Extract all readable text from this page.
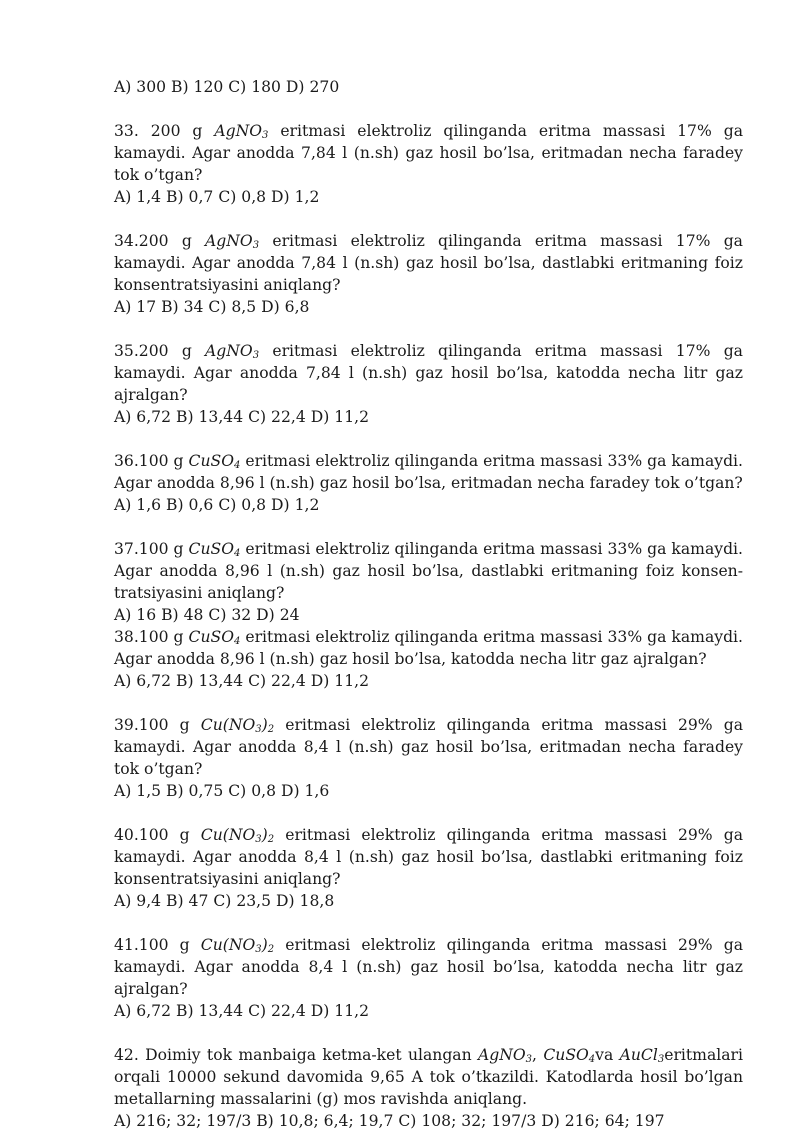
A) 300 B) 120 C) 180 D) 270
33. 200 g AgNO$_3$ eritmasi elektroliz qilinganda eritma massasi 17% ga kamaydi. Agar anodda 7,84 l (n.sh) gaz hosil bo’lsa, eritmadan necha faradey tok o’tgan?
A) 1,4 B) 0,7 C) 0,8 D) 1,2
34.200 g AgNO$_3$ eritmasi elektroliz qilinganda eritma massasi 17% ga kamaydi. Agar anodda 7,84 l (n.sh) gaz hosil bo’lsa, dastlabki eritmaning foiz konsentratsiyasini aniqlang?
A) 17 B) 34 C) 8,5 D) 6,8
35.200 g AgNO$_3$ eritmasi elektroliz qilinganda eritma massasi 17% ga kamaydi. Agar anodda 7,84 l (n.sh) gaz hosil bo’lsa, katodda necha litr gaz ajralgan?
A) 6,72 B) 13,44 C) 22,4 D) 11,2
36.100 g CuSO$_4$ eritmasi elektroliz qilinganda eritma massasi 33% ga kamaydi. Agar anodda 8,96 l (n.sh) gaz hosil bo’lsa, eritmadan necha faradey tok o’tgan?
A) 1,6 B) 0,6 C) 0,8 D) 1,2
37.100 g CuSO$_4$ eritmasi elektroliz qilinganda eritma massasi 33% ga kamaydi. Agar anodda 8,96 l (n.sh) gaz hosil bo’lsa, dastlabki eritmaning foiz konsentratsiyasini aniqlang?
A) 16 B) 48 C) 32 D) 24
38.100 g CuSO$_4$ eritmasi elektroliz qilinganda eritma massasi 33% ga kamaydi. Agar anodda 8,96 l (n.sh) gaz hosil bo’lsa, katodda necha litr gaz ajralgan?
A) 6,72 B) 13,44 C) 22,4 D) 11,2
39.100 g $Cu(NO_3)_2$ eritmasi elektroliz qilinganda eritma massasi 29% ga kamaydi. Agar anodda 8,4 l (n.sh) gaz hosil bo’lsa, eritmadan necha faradey tok o’tgan?
A) 1,5 B) 0,75 C) 0,8 D) 1,6
40.100 g $Cu(NO_3)_2$ eritmasi elektroliz qilinganda eritma massasi 29% ga kamaydi. Agar anodda 8,4 l (n.sh) gaz hosil bo’lsa, dastlabki eritmaning foiz konsentratsiyasini aniqlang?
A) 9,4 B) 47 C) 23,5 D) 18,8
41.100 g $Cu(NO_3)_2$ eritmasi elektroliz qilinganda eritma massasi 29% ga kamaydi. Agar anodda 8,4 l (n.sh) gaz hosil bo’lsa, katodda necha litr gaz ajralgan?
A) 6,72 B) 13,44 C) 22,4 D) 11,2
42. Doimiy tok manbaiga ketma-ket ulangan AgNO$_3$, CuSO$_4$va AuCl$_3$eritmalari orqali 10000 sekund davomida 9,65 A tok o’tkazildi. Katodlarda hosil bo’lgan metallarning massalarini (g) mos ravishda aniqlang.
A) 216; 32; 197/3 B) 10,8; 6,4; 19,7 C) 108; 32; 197/3 D) 216; 64; 197
